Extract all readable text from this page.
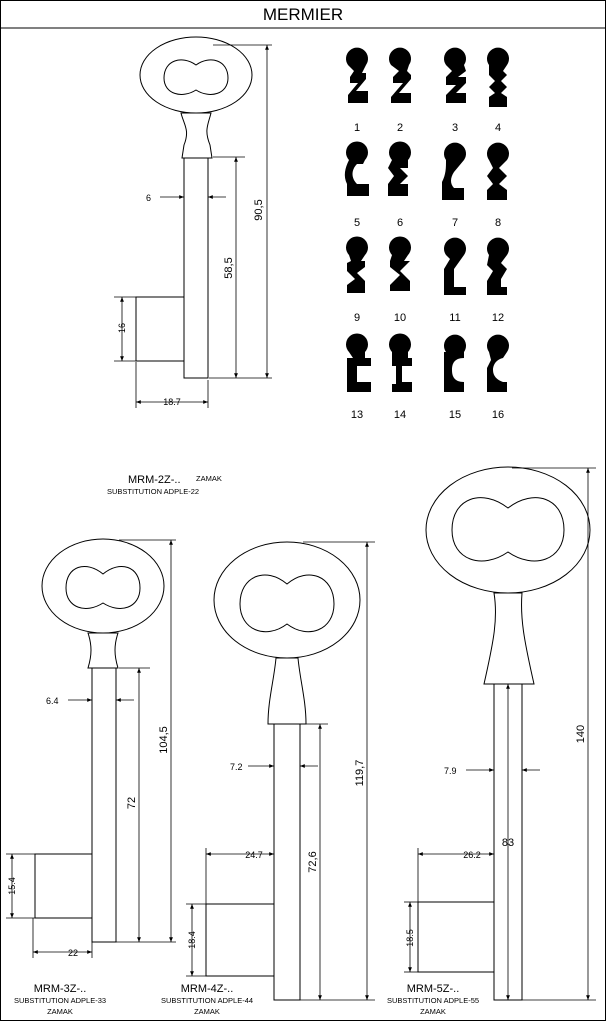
MERMIER
6
90,5
58,5
16
18.7
MRM-2Z-.. ZAMAK
SUBSTITUTION ADPLE-22
1	2	3	4
5	6	7	8
9	10	11	12
13	14	15	16
6.4
104,5
72
15.4
22
MRM-3Z-..
SUBSTITUTION ADPLE-33
ZAMAK
7.2	119,7
72,6
18.4
24.7
MRM-4Z-..
SUBSTITUTION ADPLE-44
ZAMAK
7.9
140
83
18.5
26.2
MRM-5Z-..
SUBSTITUTION ADPLE-55
ZAMAK
